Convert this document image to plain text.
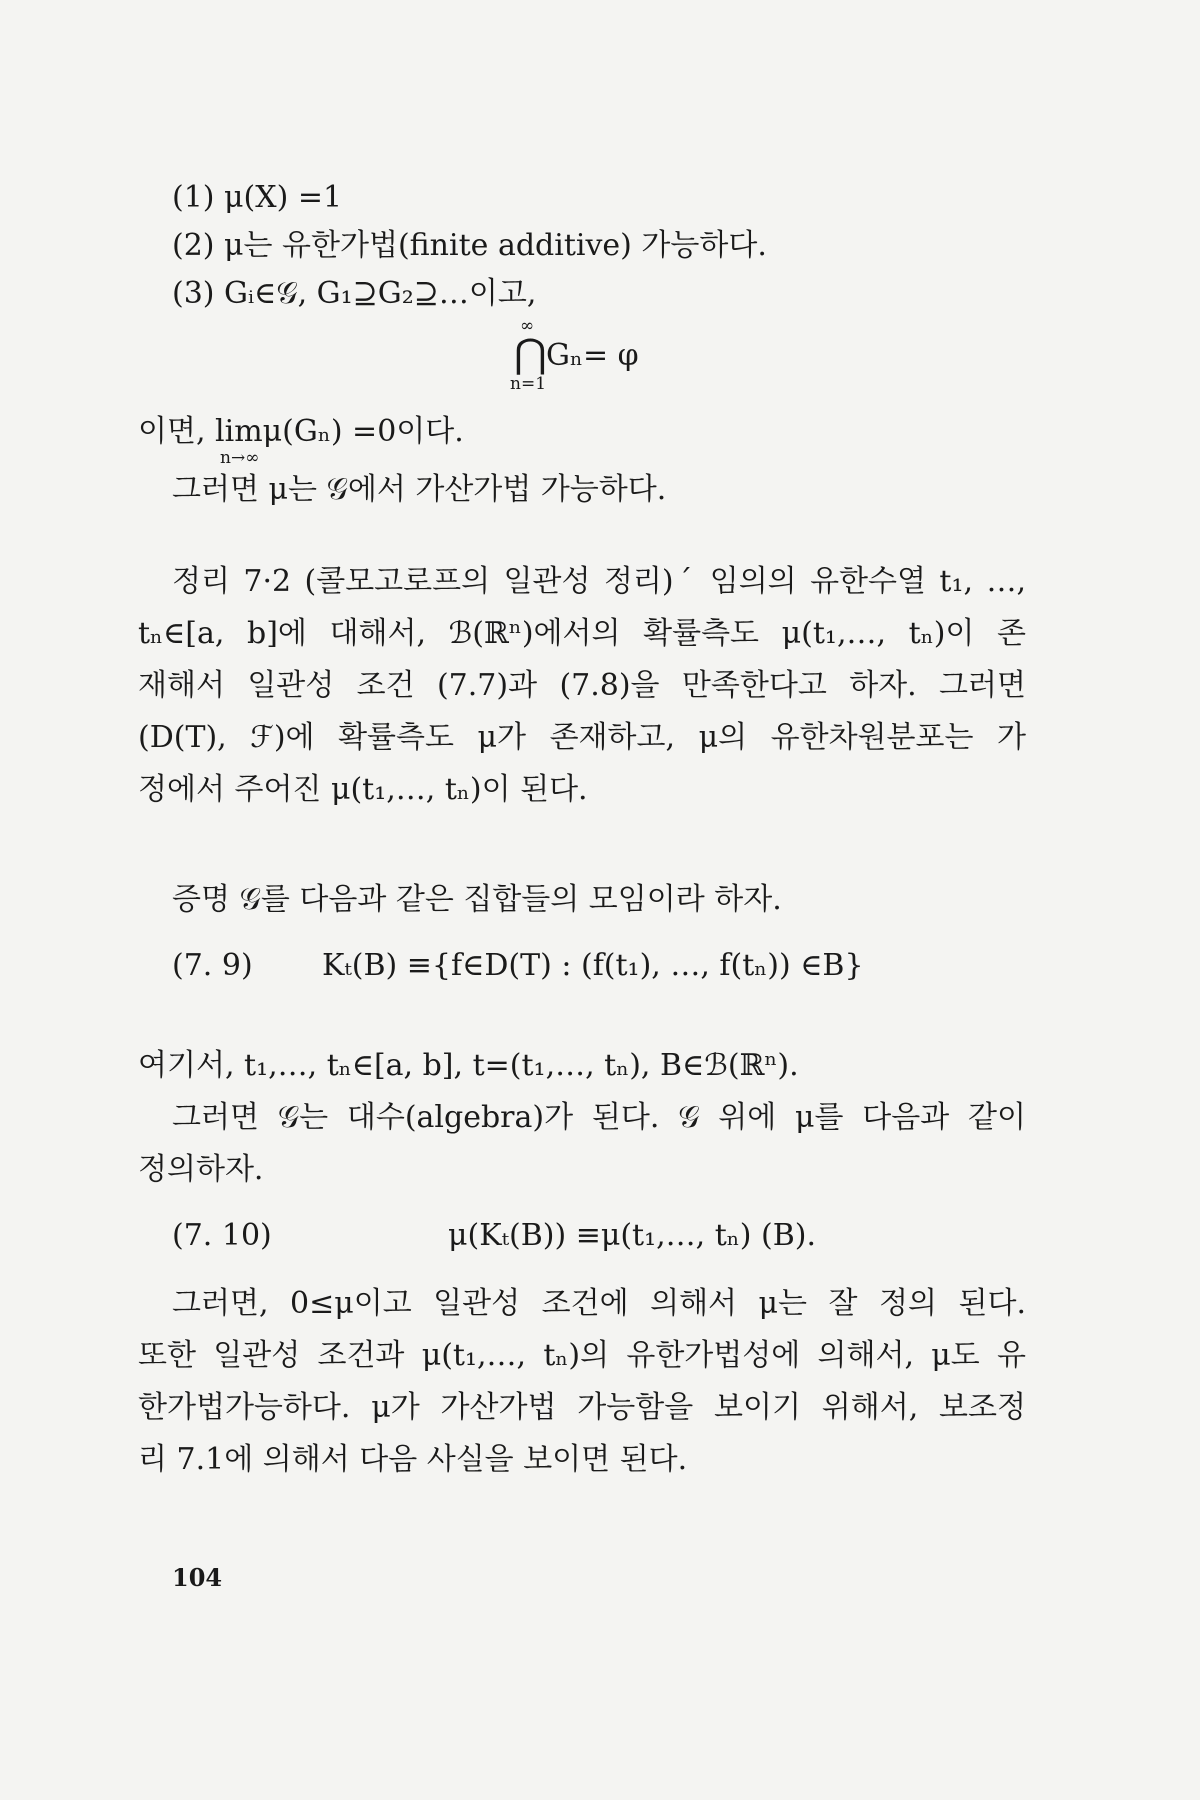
(1) μ(X) =1
(2) μ는 유한가법(finite additive) 가능하다.
(3) Gᵢ∈𝒢, G₁⊇G₂⊇…이고,
∞
⋂ Gₙ= φ
n=1
이면, limμ(Gₙ) =0이다.
n→∞
그러면 μ는 𝒢에서 가산가법 가능하다.
정리 7·2 (콜모고로프의 일관성 정리)ˊ 임의의 유한수열 t₁, …,
tₙ∈[a, b]에 대해서, ℬ(ℝⁿ)에서의 확률측도 μ(t₁,…, tₙ)이 존
재해서 일관성 조건 (7.7)과 (7.8)을 만족한다고 하자. 그러면
(D(T), ℱ)에 확률측도 μ가 존재하고, μ의 유한차원분포는 가
정에서 주어진 μ(t₁,…, tₙ)이 된다.
증명 𝒢를 다음과 같은 집합들의 모임이라 하자.
(7. 9) Kₜ(B) ≡{f∈D(T) : (f(t₁), …, f(tₙ)) ∈B}
여기서, t₁,…, tₙ∈[a, b], t=(t₁,…, tₙ), B∈ℬ(ℝⁿ).
그러면 𝒢는 대수(algebra)가 된다. 𝒢 위에 μ를 다음과 같이
정의하자.
(7. 10)	μ(Kₜ(B)) ≡μ(t₁,…, tₙ) (B).
그러면, 0≤μ이고 일관성 조건에 의해서 μ는 잘 정의 된다.
또한 일관성 조건과 μ(t₁,…, tₙ)의 유한가법성에 의해서, μ도 유
한가법가능하다. μ가 가산가법 가능함을 보이기 위해서, 보조정
리 7.1에 의해서 다음 사실을 보이면 된다.
104
